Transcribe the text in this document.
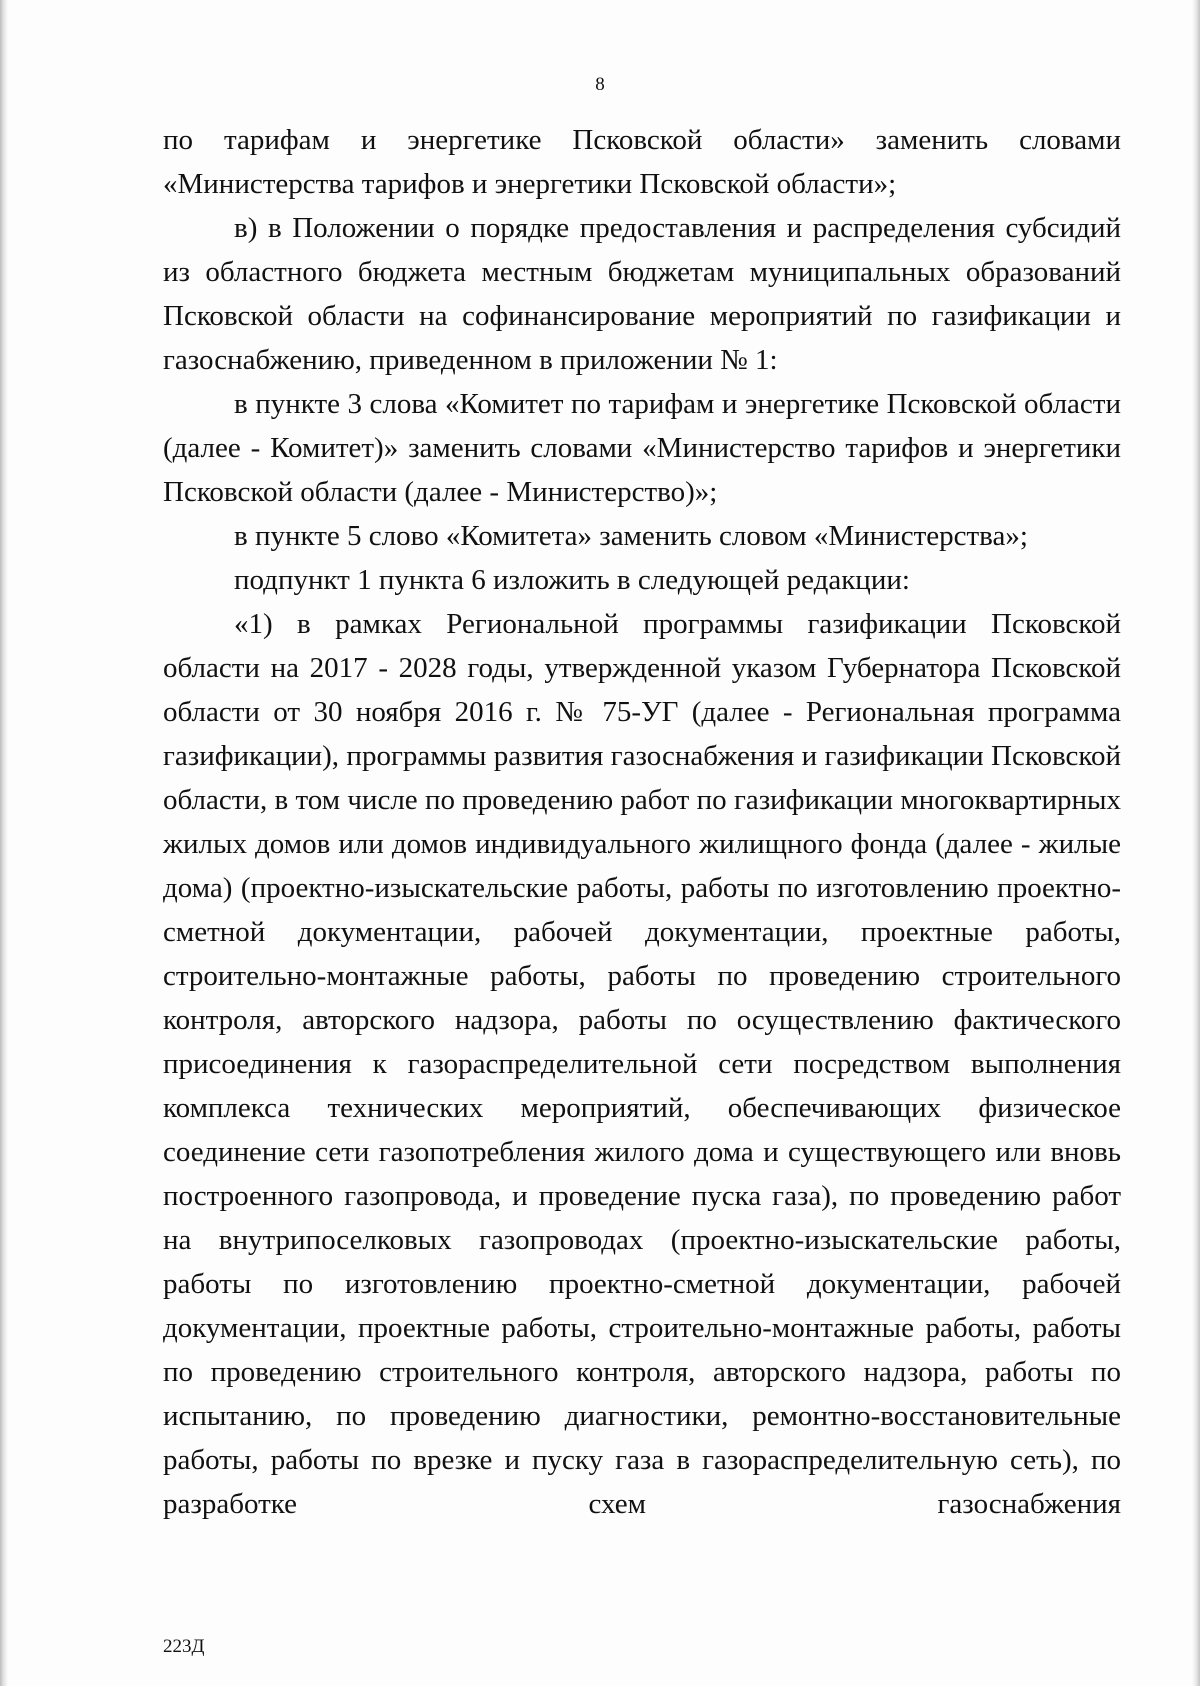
8

по тарифам и энергетике Псковской области» заменить словами «Министерства тарифов и энергетики Псковской области»;

в) в Положении о порядке предоставления и распределения субсидий из областного бюджета местным бюджетам муниципальных образований Псковской области на софинансирование мероприятий по газификации и газоснабжению, приведенном в приложении № 1:

в пункте 3 слова «Комитет по тарифам и энергетике Псковской области (далее - Комитет)» заменить словами «Министерство тарифов и энергетики Псковской области (далее - Министерство)»;

в пункте 5 слово «Комитета» заменить словом «Министерства»;

подпункт 1 пункта 6 изложить в следующей редакции:

«1) в рамках Региональной программы газификации Псковской области на 2017 - 2028 годы, утвержденной указом Губернатора Псковской области от 30 ноября 2016 г. № 75-УГ (далее - Региональная программа газификации), программы развития газоснабжения и газификации Псковской области, в том числе по проведению работ по газификации многоквартирных жилых домов или домов индивидуального жилищного фонда (далее - жилые дома) (проектно-изыскательские работы, работы по изготовлению проектно-сметной документации, рабочей документации, проектные работы, строительно-монтажные работы, работы по проведению строительного контроля, авторского надзора, работы по осуществлению фактического присоединения к газораспределительной сети посредством выполнения комплекса технических мероприятий, обеспечивающих физическое соединение сети газопотребления жилого дома и существующего или вновь построенного газопровода, и проведение пуска газа), по проведению работ на внутрипоселковых газопроводах (проектно-изыскательские работы, работы по изготовлению проектно-сметной документации, рабочей документации, проектные работы, строительно-монтажные работы, работы по проведению строительного контроля, авторского надзора, работы по испытанию, по проведению диагностики, ремонтно-восстановительные работы, работы по врезке и пуску газа в газораспределительную сеть), по разработке схем газоснабжения

223Д
